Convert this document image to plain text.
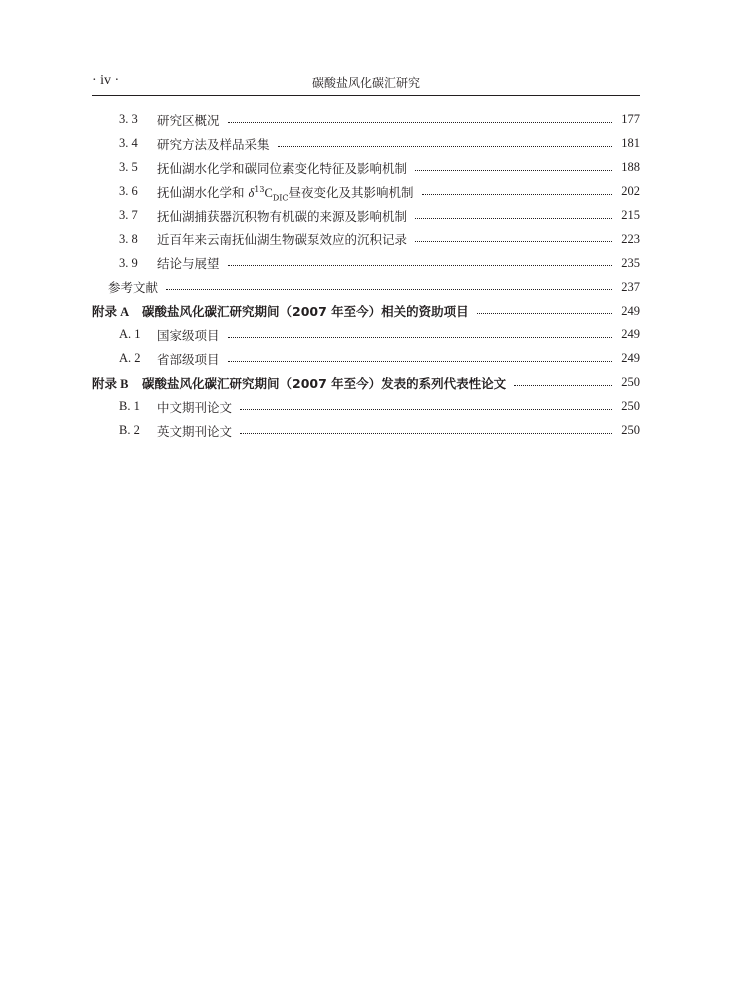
· iv ·	碳酸盐风化碳汇研究
3. 3	研究区概况	177
3. 4	研究方法及样品采集	181
3. 5	抚仙湖水化学和碳同位素变化特征及影响机制	188
3. 6	抚仙湖水化学和 $\delta^{13}C_{DIC}$昼夜变化及其影响机制	202
3. 7	抚仙湖捕获器沉积物有机碳的来源及影响机制	215
3. 8	近百年来云南抚仙湖生物碳泵效应的沉积记录	223
3. 9	结论与展望	235
参考文献	237
附录 A	碳酸盐风化碳汇研究期间（2007 年至今）相关的资助项目	249
A. 1	国家级项目	249
A. 2	省部级项目	249
附录 B	碳酸盐风化碳汇研究期间（2007 年至今）发表的系列代表性论文	250
B. 1	中文期刊论文	250
B. 2	英文期刊论文	250
